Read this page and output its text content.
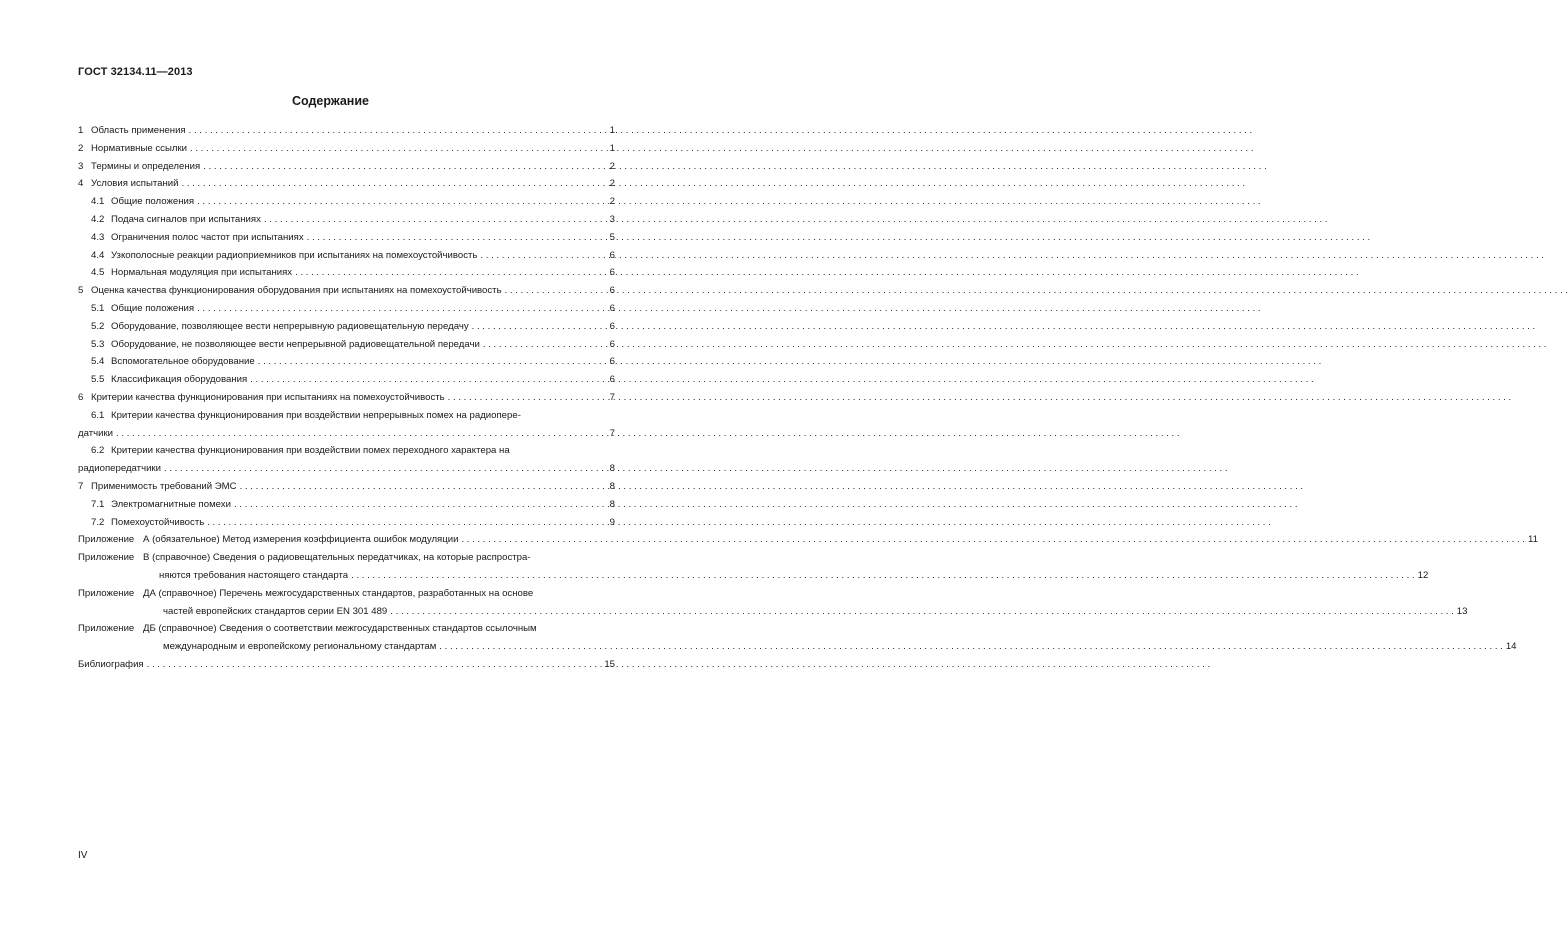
ГОСТ 32134.11—2013
Содержание
1 Область применения . . .	1
2 Нормативные ссылки . . .	1
3 Термины и определения . . .	2
4 Условия испытаний . . .	2
4.1 Общие положения . . .	2
4.2 Подача сигналов при испытаниях . . .	3
4.3 Ограничения полос частот при испытаниях . . .	5
4.4 Узкополосные реакции радиоприемников при испытаниях на помехоустойчивость . . .	6
4.5 Нормальная модуляция при испытаниях . . .	6
5 Оценка качества функционирования оборудования при испытаниях на помехоустойчивость . . .	6
5.1 Общие положения . . .	6
5.2 Оборудование, позволяющее вести непрерывную радиовещательную передачу . . .	6
5.3 Оборудование, не позволяющее вести непрерывной радиовещательной передачи . . .	6
5.4 Вспомогательное оборудование . . .	6
5.5 Классификация оборудования . . .	6
6 Критерии качества функционирования при испытаниях на помехоустойчивость . . .	7
6.1 Критерии качества функционирования при воздействии непрерывных помех на радиопере-
датчики . . .	7
6.2 Критерии качества функционирования при воздействии помех переходного характера на
радиопередатчики . . .	8
7 Применимость требований ЭМС . . .	8
7.1 Электромагнитные помехи . . .	8
7.2 Помехоустойчивость . . .	9
Приложение А (обязательное) Метод измерения коэффициента ошибок модуляции . . .	11
Приложение В (справочное) Сведения о радиовещательных передатчиках, на которые распростра-
няются требования настоящего стандарта . . .	12
Приложение ДА (справочное) Перечень межгосударственных стандартов, разработанных на основе
частей европейских стандартов серии EN 301 489 . . .	13
Приложение ДБ (справочное) Сведения о соответствии межгосударственных стандартов ссылочным
международным и европейскому региональному стандартам . . .	14
Библиография . . .	15
IV
